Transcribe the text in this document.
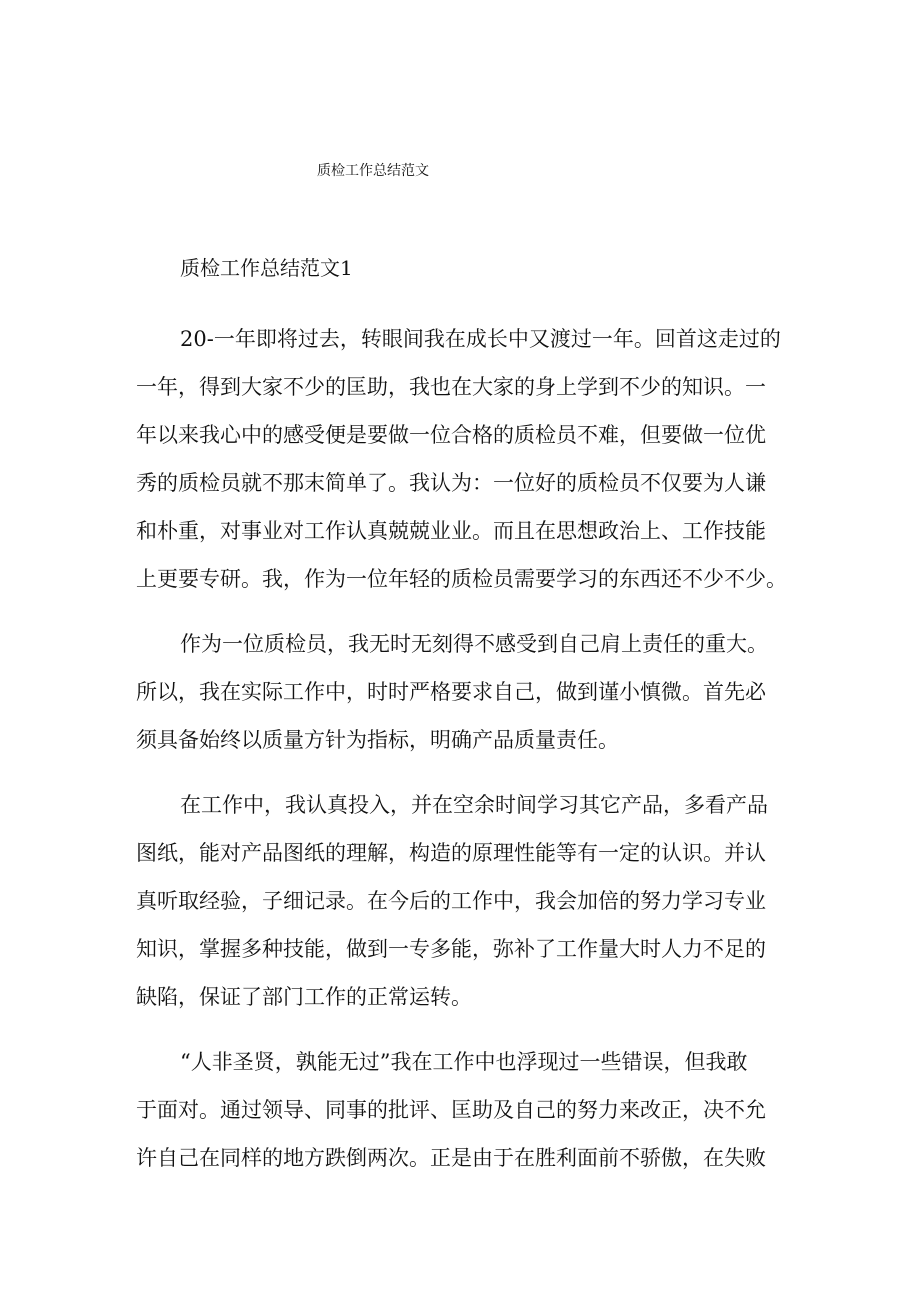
质检工作总结范文
质检工作总结范文1
20-一年即将过去，转眼间我在成长中又渡过一年。回首这走过的
一年，得到大家不少的匡助，我也在大家的身上学到不少的知识。一
年以来我心中的感受便是要做一位合格的质检员不难，但要做一位优
秀的质检员就不那末简单了。我认为：一位好的质检员不仅要为人谦
和朴重，对事业对工作认真兢兢业业。而且在思想政治上、工作技能
上更要专研。我，作为一位年轻的质检员需要学习的东西还不少不少。
作为一位质检员，我无时无刻得不感受到自己肩上责任的重大。
所以，我在实际工作中，时时严格要求自己，做到谨小慎微。首先必
须具备始终以质量方针为指标，明确产品质量责任。
在工作中，我认真投入，并在空余时间学习其它产品，多看产品
图纸，能对产品图纸的理解，构造的原理性能等有一定的认识。并认
真听取经验，子细记录。在今后的工作中，我会加倍的努力学习专业
知识，掌握多种技能，做到一专多能，弥补了工作量大时人力不足的
缺陷，保证了部门工作的正常运转。
“人非圣贤，孰能无过”我在工作中也浮现过一些错误，但我敢
于面对。通过领导、同事的批评、匡助及自己的努力来改正，决不允
许自己在同样的地方跌倒两次。正是由于在胜利面前不骄傲，在失败
